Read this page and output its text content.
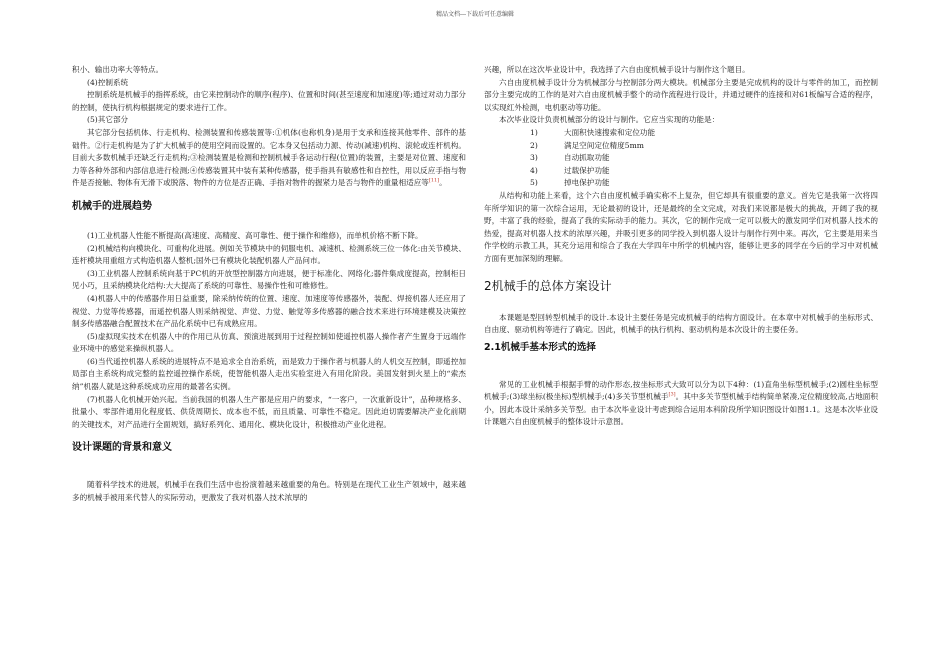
精品文档---下载后可任意编辑

积小、输出功率大等特点。

(4)控制系统

控制系统是机械手的指挥系统，由它来控制动作的顺序(程序)、位置和时间(甚至速度和加速度)等;通过对动力部分的控制，使执行机构根据规定的要求进行工作。

(5)其它部分

其它部分包括机体、行走机构、检测装置和传感装置等:①机体(也称机身)是用于支承和连接其他零件、部件的基础件。②行走机构是为了扩大机械手的使用空间而设置的。它本身又包括动力源、传动(减速)机构、滚轮或连杆机构。目前大多数机械手还缺乏行走机构;③检测装置是检测和控制机械手各运动行程(位置)的装置，主要是对位置、速度和力等各种外部和内部信息进行检测;④传感装置其中装有某种传感器，使手指具有敏感性和自控性，用以反应手指与物件是否接触、物体有无滑下或脱落、物件的方位是否正确、手指对物件的握紧力是否与物件的重量相适应等[11]。

机械手的进展趋势

(1)工业机器人性能不断提高(高速度、高精度、高可靠性、便于操作和维修)，而单机价格不断下降。

(2)机械结构向模块化、可重构化进展。例如关节模块中的伺服电机、减速机、检测系统三位一体化:由关节模块、连杆模块用重组方式构造机器人整机;国外已有模块化装配机器人产品问市。

(3)工业机器人控制系统向基于PC机的开放型控制器方向进展，便于标准化、网络化;器件集成度提高，控制柜日见小巧，且采纳模块化结构:大大提高了系统的可靠性、易操作性和可维修性。

(4)机器人中的传感器作用日益重要，除采纳传统的位置、速度、加速度等传感器外，装配、焊接机器人还应用了视觉、力觉等传感器，而遥控机器人则采纳视觉、声觉、力觉、触觉等多传感器的融合技术来进行环境建模及决策控制多传感器融合配置技术在产品化系统中已有成熟应用。

(5)虚拟现实技术在机器人中的作用已从仿真、预演进展到用于过程控制如使遥控机器人操作者产生置身于远端作业环境中的感觉来操纵机器人。

(6)当代遥控机器人系统的进展特点不是追求全自治系统，而是致力于操作者与机器人的人机交互控制，即遥控加局部自主系统构成完整的监控遥控操作系统，使智能机器人走出实验室进入有用化阶段。美国发射到火星上的“索杰纳”机器人就是这种系统成功应用的最著名实例。

(7)机器人化机械开始兴起。当前我国的机器人生产都是应用户的要求，“一客户，一次重新设计”，品种规格多、批量小、零部件通用化程度低、供货周期长、成本也不低，而且质量、可靠性不稳定。因此迫切需要解决产业化前期的关键技术，对产品进行全面规划，搞好系列化、通用化、模块化设计，积极推动产业化进程。

设计课题的背景和意义

随着科学技术的进展，机械手在我们生活中也扮演着越来越重要的角色。特别是在现代工业生产领域中，越来越多的机械手被用来代替人的实际劳动，更激发了我对机器人技术浓厚的

兴趣，所以在这次毕业设计中，我选择了六自由度机械手设计与制作这个题目。

六自由度机械手设计分为机械部分与控制部分两大模块。机械部分主要是完成机构的设计与零件的加工，而控制部分主要完成的工作的是对六自由度机械手整个的动作流程进行设计，并通过硬件的连接和对61板编写合适的程序，以实现红外检测，电机驱动等功能。

本次毕业设计负责机械部分的设计与制作。它应当实现的功能是：

1)	大面积快速搜索和定位功能
2)	满足空间定位精度5mm
3)	自动抓取功能
4)	过载保护功能
5)	掉电保护功能

从结构和功能上来看，这个六自由度机械手确实称不上复杂，但它却具有很重要的意义。首先它是我第一次将四年所学知识的第一次综合运用，无论最初的设计，还是最终的全文完成，对我们来说都是极大的挑战，开阔了我的视野，丰富了我的经验，提高了我的实际动手的能力。其次，它的制作完成一定可以极大的激发同学们对机器人技术的热爱，提高对机器人技术的浓厚兴趣，并吸引更多的同学投入到机器人设计与制作行列中来。再次，它主要是用来当作学校的示教工具，其充分运用和综合了我在大学四年中所学的机械内容，能够让更多的同学在今后的学习中对机械方面有更加深刻的理解。

2机械手的总体方案设计

本课题是型回转型机械手的设计.本设计主要任务是完成机械手的结构方面设计。在本章中对机械手的坐标形式、自由度、驱动机构等进行了确定。因此，机械手的执行机构、驱动机构是本次设计的主要任务。

2.1机械手基本形式的选择

常见的工业机械手根据手臂的动作形态,按坐标形式大致可以分为以下4种：(1)直角坐标型机械手;(2)圆柱坐标型机械手;(3)球坐标(极坐标)型机械手;(4)多关节型机械手[3]。其中多关节型机械手结构简单紧凑,定位精度较高,占地面积小，因此本设计采纳多关节型。由于本次毕业设计考虑到综合运用本科阶段所学知识图设计如图1.1。这是本次毕业设计课题六自由度机械手的整体设计示意图。
